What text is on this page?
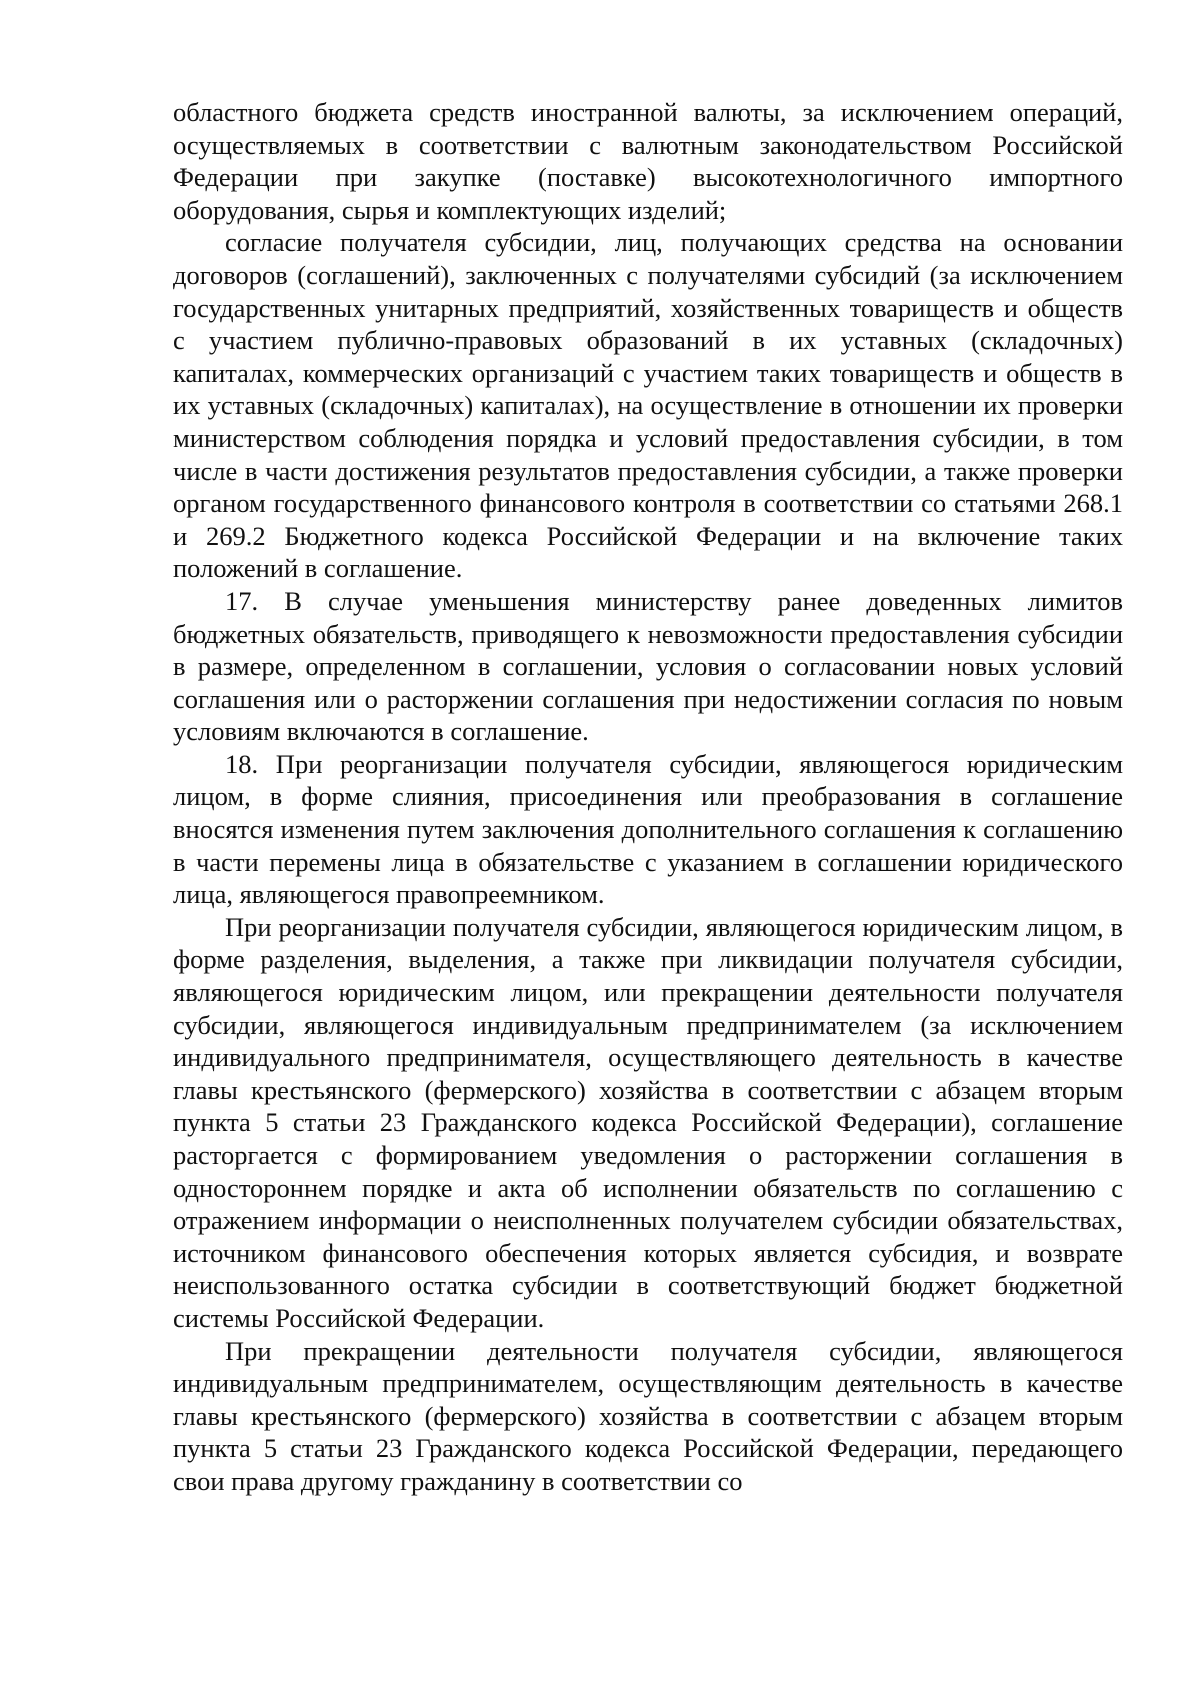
областного бюджета средств иностранной валюты, за исключением операций, осуществляемых в соответствии с валютным законодательством Российской Федерации при закупке (поставке) высокотехнологичного импортного оборудования, сырья и комплектующих изделий;

согласие получателя субсидии, лиц, получающих средства на основании договоров (соглашений), заключенных с получателями субсидий (за исключением государственных унитарных предприятий, хозяйственных товариществ и обществ с участием публично-правовых образований в их уставных (складочных) капиталах, коммерческих организаций с участием таких товариществ и обществ в их уставных (складочных) капиталах), на осуществление в отношении их проверки министерством соблюдения порядка и условий предоставления субсидии, в том числе в части достижения результатов предоставления субсидии, а также проверки органом государственного финансового контроля в соответствии со статьями 268.1 и 269.2 Бюджетного кодекса Российской Федерации и на включение таких положений в соглашение.

17. В случае уменьшения министерству ранее доведенных лимитов бюджетных обязательств, приводящего к невозможности предоставления субсидии в размере, определенном в соглашении, условия о согласовании новых условий соглашения или о расторжении соглашения при недостижении согласия по новым условиям включаются в соглашение.

18. При реорганизации получателя субсидии, являющегося юридическим лицом, в форме слияния, присоединения или преобразования в соглашение вносятся изменения путем заключения дополнительного соглашения к соглашению в части перемены лица в обязательстве с указанием в соглашении юридического лица, являющегося правопреемником.

При реорганизации получателя субсидии, являющегося юридическим лицом, в форме разделения, выделения, а также при ликвидации получателя субсидии, являющегося юридическим лицом, или прекращении деятельности получателя субсидии, являющегося индивидуальным предпринимателем (за исключением индивидуального предпринимателя, осуществляющего деятельность в качестве главы крестьянского (фермерского) хозяйства в соответствии с абзацем вторым пункта 5 статьи 23 Гражданского кодекса Российской Федерации), соглашение расторгается с формированием уведомления о расторжении соглашения в одностороннем порядке и акта об исполнении обязательств по соглашению с отражением информации о неисполненных получателем субсидии обязательствах, источником финансового обеспечения которых является субсидия, и возврате неиспользованного остатка субсидии в соответствующий бюджет бюджетной системы Российской Федерации.

При прекращении деятельности получателя субсидии, являющегося индивидуальным предпринимателем, осуществляющим деятельность в качестве главы крестьянского (фермерского) хозяйства в соответствии с абзацем вторым пункта 5 статьи 23 Гражданского кодекса Российской Федерации, передающего свои права другому гражданину в соответствии со
